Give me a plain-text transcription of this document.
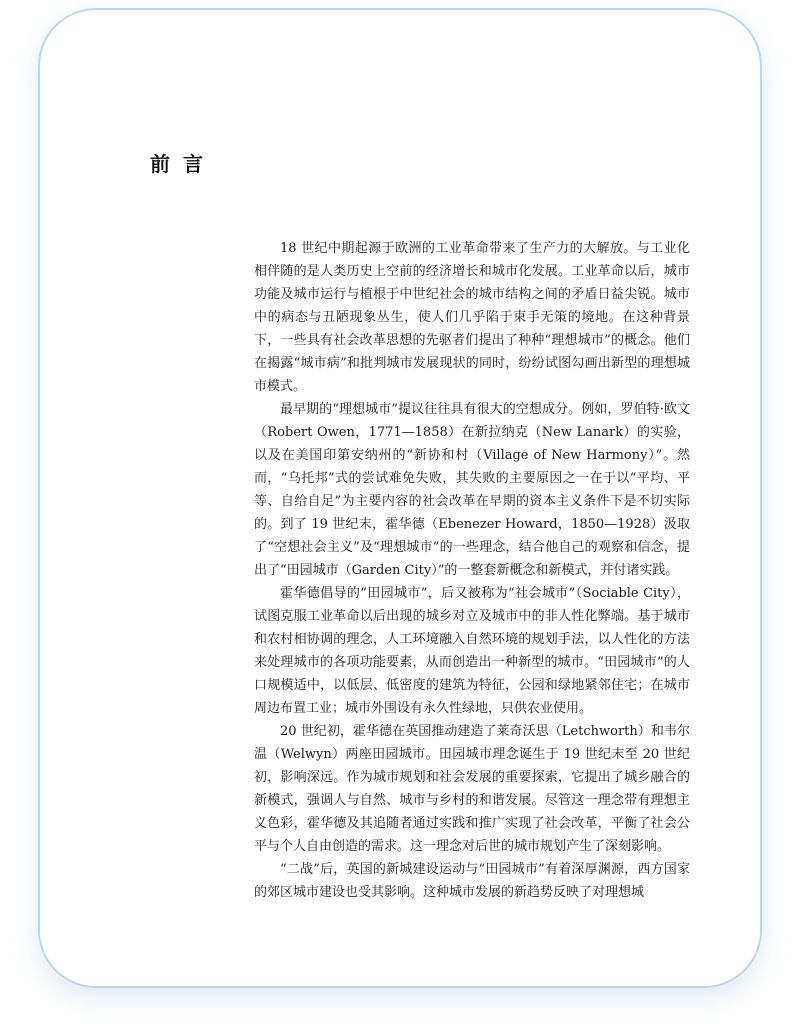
前言

18 世纪中期起源于欧洲的工业革命带来了生产力的大解放。与工业化相伴随的是人类历史上空前的经济增长和城市化发展。工业革命以后，城市功能及城市运行与植根于中世纪社会的城市结构之间的矛盾日益尖锐。城市中的病态与丑陋现象丛生，使人们几乎陷于束手无策的境地。在这种背景下，一些具有社会改革思想的先驱者们提出了种种“理想城市”的概念。他们在揭露“城市病”和批判城市发展现状的同时，纷纷试图勾画出新型的理想城市模式。

最早期的“理想城市”提议往往具有很大的空想成分。例如，罗伯特·欧文（Robert Owen，1771—1858）在新拉纳克（New Lanark）的实验，以及在美国印第安纳州的“新协和村（Village of New Harmony）”。然而，“乌托邦”式的尝试难免失败，其失败的主要原因之一在于以“平均、平等、自给自足”为主要内容的社会改革在早期的资本主义条件下是不切实际的。到了 19 世纪末，霍华德（Ebenezer Howard，1850—1928）汲取了“空想社会主义”及“理想城市”的一些理念，结合他自己的观察和信念，提出了“田园城市（Garden City）”的一整套新概念和新模式，并付诸实践。

霍华德倡导的“田园城市”，后又被称为“社会城市”（Sociable City），试图克服工业革命以后出现的城乡对立及城市中的非人性化弊端。基于城市和农村相协调的理念，人工环境融入自然环境的规划手法，以人性化的方法来处理城市的各项功能要素，从而创造出一种新型的城市。“田园城市”的人口规模适中，以低层、低密度的建筑为特征，公园和绿地紧邻住宅；在城市周边布置工业；城市外围设有永久性绿地，只供农业使用。

20 世纪初，霍华德在英国推动建造了莱奇沃思（Letchworth）和韦尔温（Welwyn）两座田园城市。田园城市理念诞生于 19 世纪末至 20 世纪初，影响深远。作为城市规划和社会发展的重要探索，它提出了城乡融合的新模式，强调人与自然、城市与乡村的和谐发展。尽管这一理念带有理想主义色彩，霍华德及其追随者通过实践和推广实现了社会改革，平衡了社会公平与个人自由创造的需求。这一理念对后世的城市规划产生了深刻影响。

“二战”后，英国的新城建设运动与“田园城市”有着深厚渊源，西方国家的郊区城市建设也受其影响。这种城市发展的新趋势反映了对理想城
